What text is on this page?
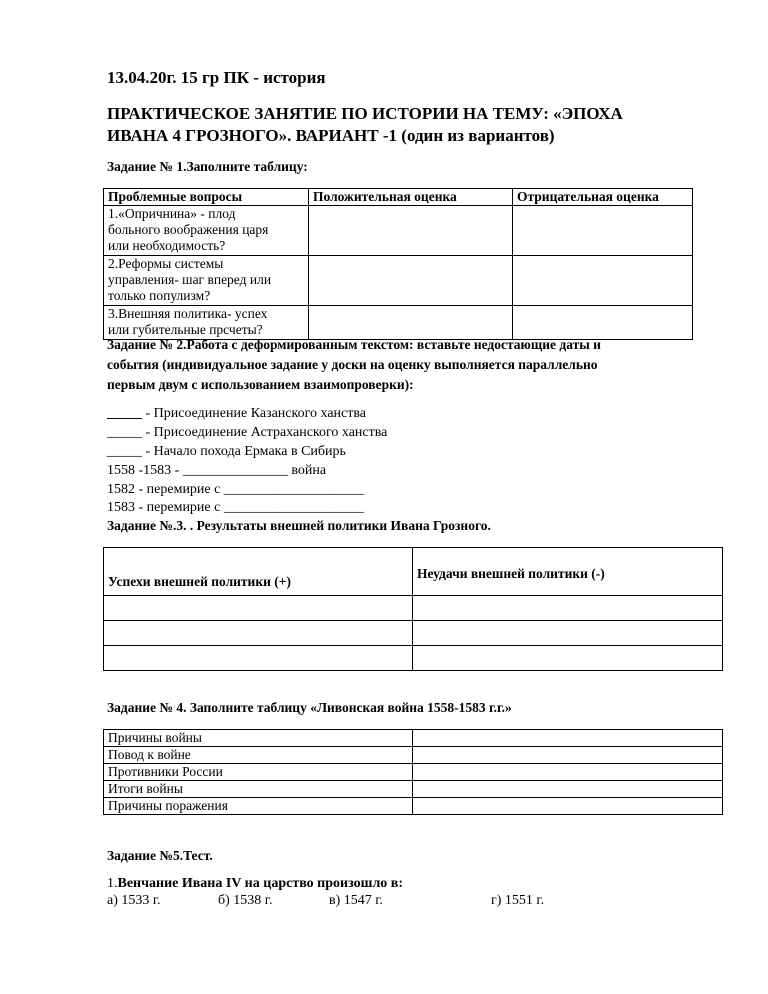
13.04.20г. 15 гр ПК - история
ПРАКТИЧЕСКОЕ ЗАНЯТИЕ ПО ИСТОРИИ НА ТЕМУ: «ЭПОХА
ИВАНА 4 ГРОЗНОГО». ВАРИАНТ -1 (один из вариантов)
Задание № 1.Заполните таблицу:
Проблемные вопросы	Положительная оценка	Отрицательная оценка

1.«Опричнина» - плод
больного воображения царя
или необходимость?		

2.Реформы системы
управления- шаг вперед или
только популизм?		

3.Внешняя политика- успех
или губительные прсчеты?		

Задание № 2.Работа с деформированным текстом: вставьте недостающие даты и
события (индивидуальное задание у доски на оценку выполняется параллельно
первым двум с использованием взаимопроверки):
_____ - Присоединение Казанского ханства
_____ - Присоединение Астраханского ханства
_____ - Начало похода Ермака в Сибирь
1558 -1583 - _______________ война
1582 - перемирие с ____________________
1583 - перемирие с ____________________
Задание №.3. . Результаты внешней политики Ивана Грозного.
Успехи внешней политики (+)	Неудачи внешней политики (-)

Задание № 4. Заполните таблицу «Ливонская война 1558-1583 г.г.»
Причины войны	
Повод к войне	
Противники России	
Итоги войны	
Причины поражения	
Задание №5.Тест.
1.Венчание Ивана IV на царство произошло в:
а) 1533 г.	б) 1538 г.	в) 1547 г.	г) 1551 г.
